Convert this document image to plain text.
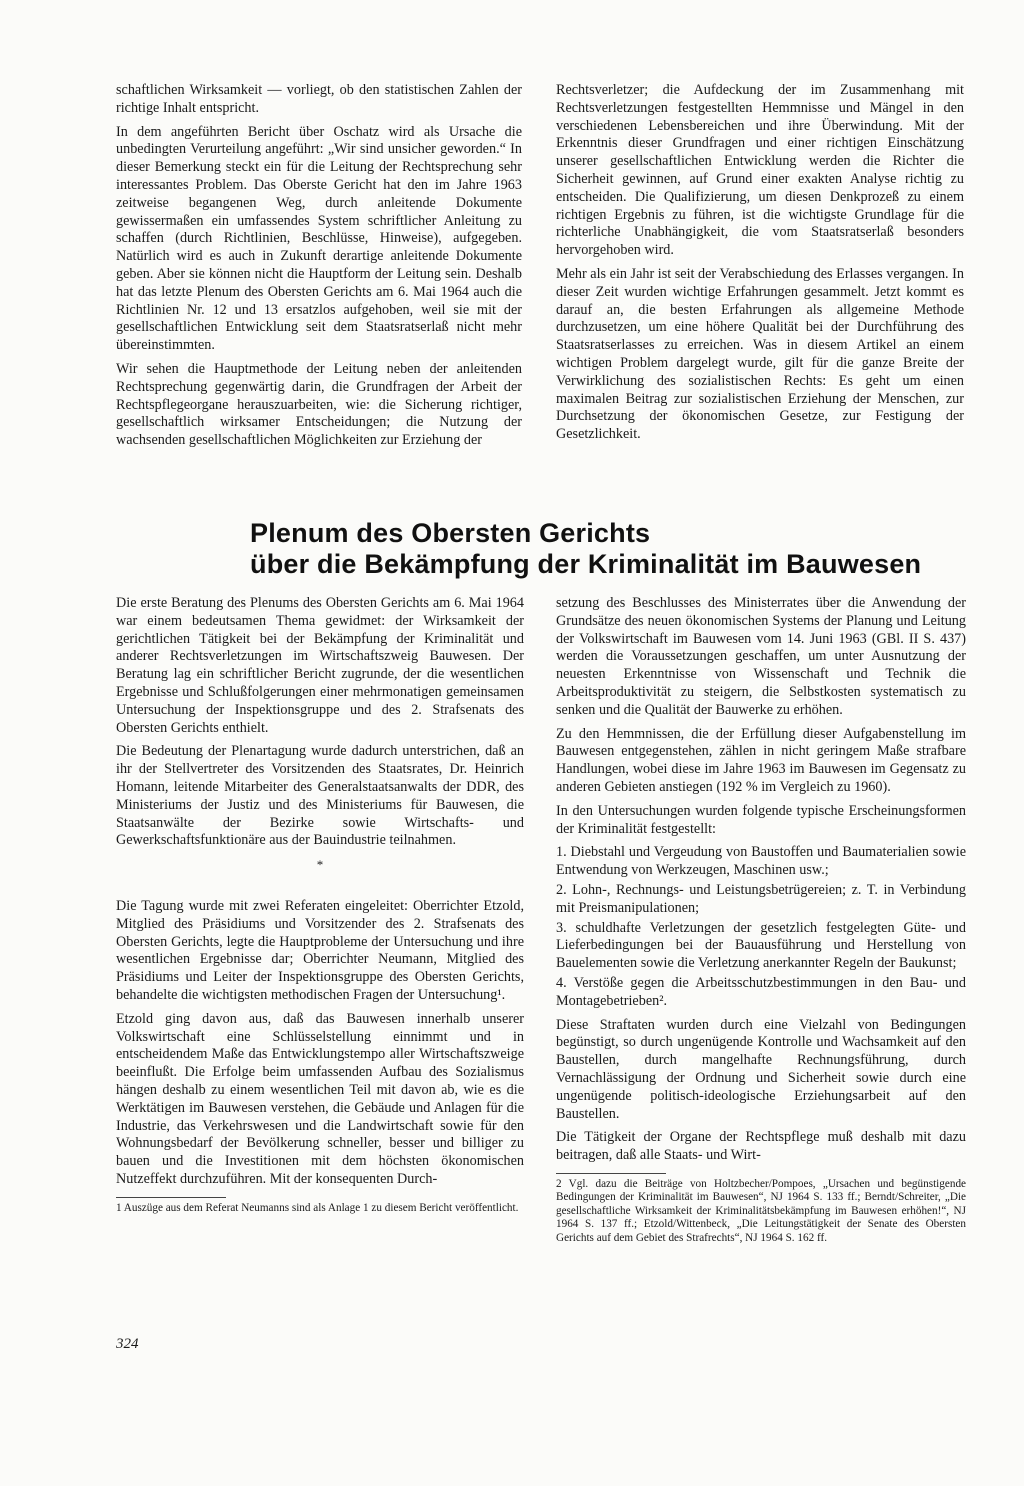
schaftlichen Wirksamkeit — vorliegt, ob den statistischen Zahlen der richtige Inhalt entspricht.

In dem angeführten Bericht über Oschatz wird als Ursache die unbedingten Verurteilung angeführt: „Wir sind unsicher geworden.“ In dieser Bemerkung steckt ein für die Leitung der Rechtsprechung sehr interessantes Problem. Das Oberste Gericht hat den im Jahre 1963 zeitweise begangenen Weg, durch anleitende Dokumente gewissermaßen ein umfassendes System schriftlicher Anleitung zu schaffen (durch Richtlinien, Beschlüsse, Hinweise), aufgegeben. Natürlich wird es auch in Zukunft derartige anleitende Dokumente geben. Aber sie können nicht die Hauptform der Leitung sein. Deshalb hat das letzte Plenum des Obersten Gerichts am 6. Mai 1964 auch die Richtlinien Nr. 12 und 13 ersatzlos aufgehoben, weil sie mit der gesellschaftlichen Entwicklung seit dem Staatsratserlaß nicht mehr übereinstimmten.

Wir sehen die Hauptmethode der Leitung neben der anleitenden Rechtsprechung gegenwärtig darin, die Grundfragen der Arbeit der Rechtspflegeorgane herauszuarbeiten, wie: die Sicherung richtiger, gesellschaftlich wirksamer Entscheidungen; die Nutzung der wachsenden gesellschaftlichen Möglichkeiten zur Erziehung der

Rechtsverletzer; die Aufdeckung der im Zusammenhang mit Rechtsverletzungen festgestellten Hemmnisse und Mängel in den verschiedenen Lebensbereichen und ihre Überwindung. Mit der Erkenntnis dieser Grundfragen und einer richtigen Einschätzung unserer gesellschaftlichen Entwicklung werden die Richter die Sicherheit gewinnen, auf Grund einer exakten Analyse richtig zu entscheiden. Die Qualifizierung, um diesen Denkprozeß zu einem richtigen Ergebnis zu führen, ist die wichtigste Grundlage für die richterliche Unabhängigkeit, die vom Staatsratserlaß besonders hervorgehoben wird.

Mehr als ein Jahr ist seit der Verabschiedung des Erlasses vergangen. In dieser Zeit wurden wichtige Erfahrungen gesammelt. Jetzt kommt es darauf an, die besten Erfahrungen als allgemeine Methode durchzusetzen, um eine höhere Qualität bei der Durchführung des Staatsratserlasses zu erreichen. Was in diesem Artikel an einem wichtigen Problem dargelegt wurde, gilt für die ganze Breite der Verwirklichung des sozialistischen Rechts: Es geht um einen maximalen Beitrag zur sozialistischen Erziehung der Menschen, zur Durchsetzung der ökonomischen Gesetze, zur Festigung der Gesetzlichkeit.

Plenum des Obersten Gerichts
über die Bekämpfung der Kriminalität im Bauwesen

Die erste Beratung des Plenums des Obersten Gerichts am 6. Mai 1964 war einem bedeutsamen Thema gewidmet: der Wirksamkeit der gerichtlichen Tätigkeit bei der Bekämpfung der Kriminalität und anderer Rechtsverletzungen im Wirtschaftszweig Bauwesen. Der Beratung lag ein schriftlicher Bericht zugrunde, der die wesentlichen Ergebnisse und Schlußfolgerungen einer mehrmonatigen gemeinsamen Untersuchung der Inspektionsgruppe und des 2. Strafsenats des Obersten Gerichts enthielt.

Die Bedeutung der Plenartagung wurde dadurch unterstrichen, daß an ihr der Stellvertreter des Vorsitzenden des Staatsrates, Dr. Heinrich Homann, leitende Mitarbeiter des Generalstaatsanwalts der DDR, des Ministeriums der Justiz und des Ministeriums für Bauwesen, die Staatsanwälte der Bezirke sowie Wirtschafts- und Gewerkschaftsfunktionäre aus der Bauindustrie teilnahmen.

*

Die Tagung wurde mit zwei Referaten eingeleitet: Oberrichter Etzold, Mitglied des Präsidiums und Vorsitzender des 2. Strafsenats des Obersten Gerichts, legte die Hauptprobleme der Untersuchung und ihre wesentlichen Ergebnisse dar; Oberrichter Neumann, Mitglied des Präsidiums und Leiter der Inspektionsgruppe des Obersten Gerichts, behandelte die wichtigsten methodischen Fragen der Untersuchung¹.

Etzold ging davon aus, daß das Bauwesen innerhalb unserer Volkswirtschaft eine Schlüsselstellung einnimmt und in entscheidendem Maße das Entwicklungstempo aller Wirtschaftszweige beeinflußt. Die Erfolge beim umfassenden Aufbau des Sozialismus hängen deshalb zu einem wesentlichen Teil mit davon ab, wie es die Werktätigen im Bauwesen verstehen, die Gebäude und Anlagen für die Industrie, das Verkehrswesen und die Landwirtschaft sowie für den Wohnungsbedarf der Bevölkerung schneller, besser und billiger zu bauen und die Investitionen mit dem höchsten ökonomischen Nutzeffekt durchzuführen. Mit der konsequenten Durch-

1 Auszüge aus dem Referat Neumanns sind als Anlage 1 zu diesem Bericht veröffentlicht.

setzung des Beschlusses des Ministerrates über die Anwendung der Grundsätze des neuen ökonomischen Systems der Planung und Leitung der Volkswirtschaft im Bauwesen vom 14. Juni 1963 (GBl. II S. 437) werden die Voraussetzungen geschaffen, um unter Ausnutzung der neuesten Erkenntnisse von Wissenschaft und Technik die Arbeitsproduktivität zu steigern, die Selbstkosten systematisch zu senken und die Qualität der Bauwerke zu erhöhen.

Zu den Hemmnissen, die der Erfüllung dieser Aufgabenstellung im Bauwesen entgegenstehen, zählen in nicht geringem Maße strafbare Handlungen, wobei diese im Jahre 1963 im Bauwesen im Gegensatz zu anderen Gebieten anstiegen (192 % im Vergleich zu 1960).

In den Untersuchungen wurden folgende typische Erscheinungsformen der Kriminalität festgestellt:

1. Diebstahl und Vergeudung von Baustoffen und Baumaterialien sowie Entwendung von Werkzeugen, Maschinen usw.;

2. Lohn-, Rechnungs- und Leistungsbetrügereien; z. T. in Verbindung mit Preismanipulationen;

3. schuldhafte Verletzungen der gesetzlich festgelegten Güte- und Lieferbedingungen bei der Bauausführung und Herstellung von Bauelementen sowie die Verletzung anerkannter Regeln der Baukunst;

4. Verstöße gegen die Arbeitsschutzbestimmungen in den Bau- und Montagebetrieben².

Diese Straftaten wurden durch eine Vielzahl von Bedingungen begünstigt, so durch ungenügende Kontrolle und Wachsamkeit auf den Baustellen, durch mangelhafte Rechnungsführung, durch Vernachlässigung der Ordnung und Sicherheit sowie durch eine ungenügende politisch-ideologische Erziehungsarbeit auf den Baustellen.

Die Tätigkeit der Organe der Rechtspflege muß deshalb mit dazu beitragen, daß alle Staats- und Wirt-

2 Vgl. dazu die Beiträge von Holtzbecher/Pompoes, „Ursachen und begünstigende Bedingungen der Kriminalität im Bauwesen“, NJ 1964 S. 133 ff.; Berndt/Schreiter, „Die gesellschaftliche Wirksamkeit der Kriminalitätsbekämpfung im Bauwesen erhöhen!“, NJ 1964 S. 137 ff.; Etzold/Wittenbeck, „Die Leitungstätigkeit der Senate des Obersten Gerichts auf dem Gebiet des Strafrechts“, NJ 1964 S. 162 ff.
324
